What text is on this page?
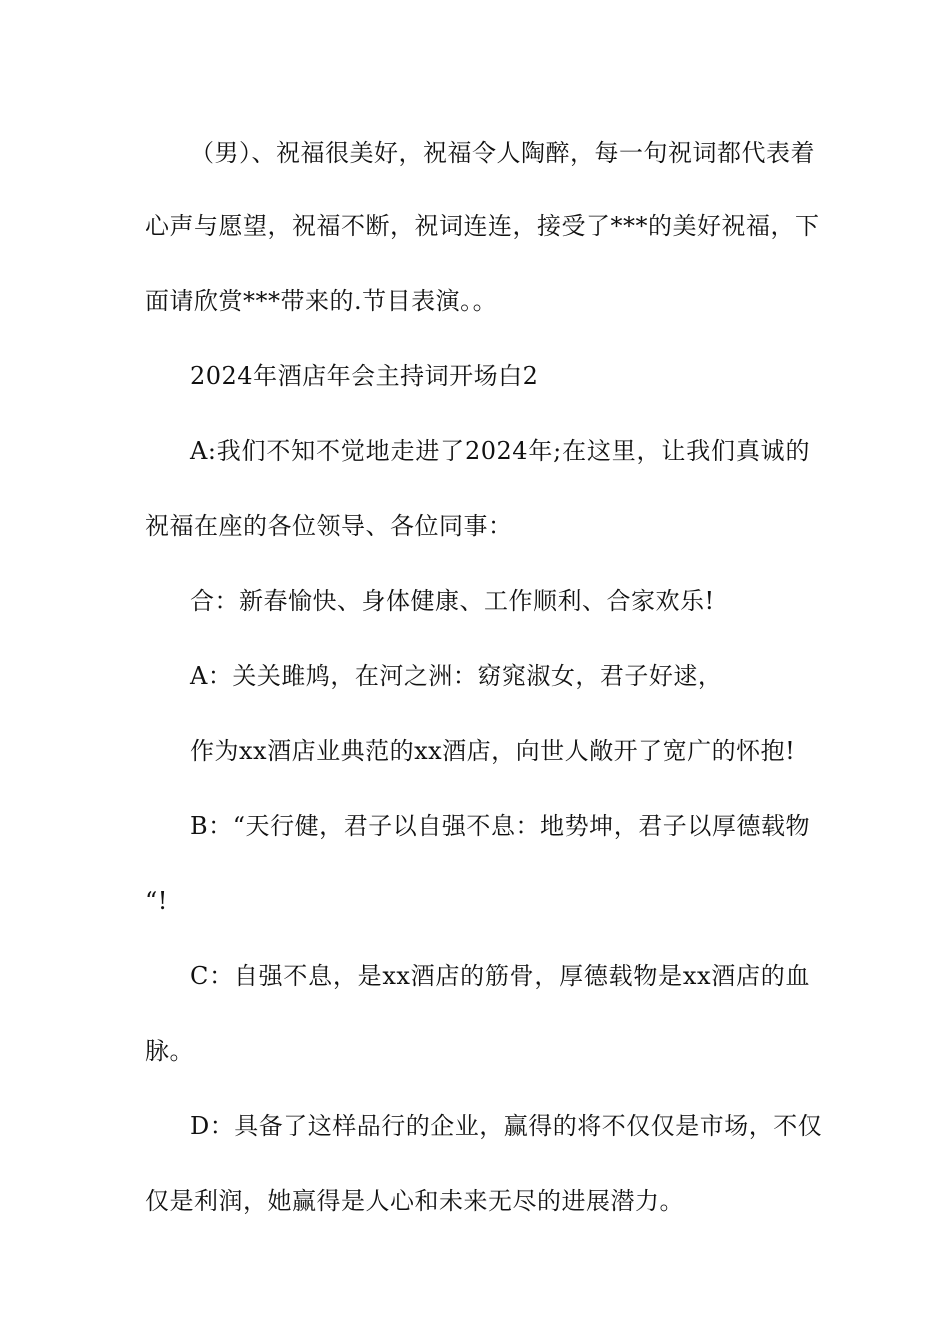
（男）、祝福很美好，祝福令人陶醉，每一句祝词都代表着
心声与愿望，祝福不断，祝词连连，接受了***的美好祝福，下
面请欣赏***带来的.节目表演。。
2024年酒店年会主持词开场白2
A:我们不知不觉地走进了2024年;在这里，让我们真诚的
祝福在座的各位领导、各位同事：
合：新春愉快、身体健康、工作顺利、合家欢乐!
A：关关雎鸠，在河之洲：窈窕淑女，君子好逑，
作为xx酒店业典范的xx酒店，向世人敞开了宽广的怀抱!
B：“天行健，君子以自强不息：地势坤，君子以厚德载物
“!
C：自强不息，是xx酒店的筋骨，厚德载物是xx酒店的血
脉。
D：具备了这样品行的企业，赢得的将不仅仅是市场，不仅
仅是利润，她赢得是人心和未来无尽的进展潜力。
